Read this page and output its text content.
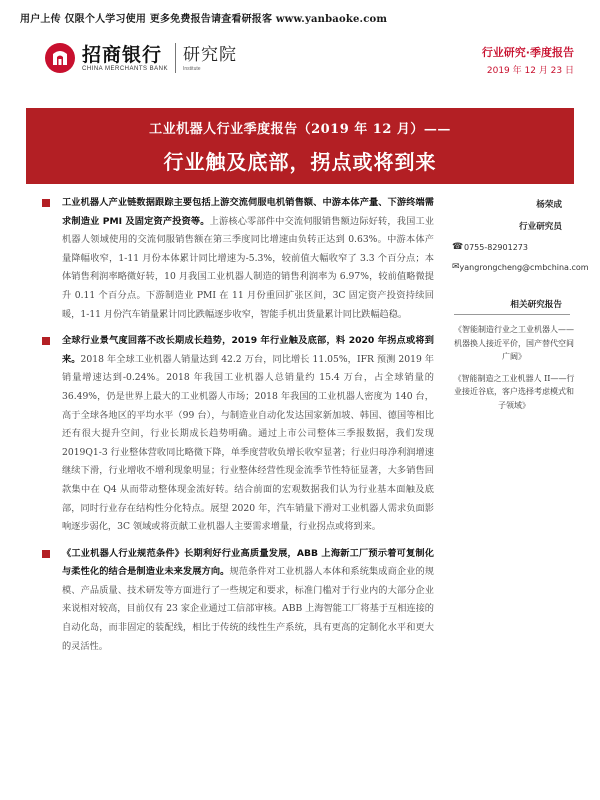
用户上传 仅限个人学习使用 更多免费报告请查看研报客 www.yanbaoke.com
招商银行
CHINA MERCHANTS BANK
研究院
Institute
行业研究·季度报告
2019 年 12 月 23 日
工业机器人行业季度报告（2019 年 12 月）——
行业触及底部，拐点或将到来
工业机器人产业链数据跟踪主要包括上游交流伺服电机销售额、中游本体产量、下游终端需求制造业 PMI 及固定资产投资等。上游核心零部件中交流伺服销售额边际好转，我国工业机器人领域使用的交流伺服销售额在第三季度同比增速由负转正达到 0.63%。中游本体产量降幅收窄，1-11 月份本体累计同比增速为-5.3%，较前值大幅收窄了 3.3 个百分点；本体销售利润率略微好转，10 月我国工业机器人制造的销售利润率为 6.97%，较前值略微提升 0.11 个百分点。下游制造业 PMI 在 11 月份重回扩张区间，3C 固定资产投资持续回暖，1-11 月份汽车销量累计同比跌幅逐步收窄，智能手机出货量累计同比跌幅趋稳。
全球行业景气度回落不改长期成长趋势，2019 年行业触及底部，料 2020 年拐点或将到来。2018 年全球工业机器人销量达到 42.2 万台，同比增长 11.05%，IFR 预测 2019 年销量增速达到-0.24%。2018 年我国工业机器人总销量约 15.4 万台，占全球销量的 36.49%，仍是世界上最大的工业机器人市场；2018 年我国的工业机器人密度为 140 台，高于全球各地区的平均水平（99 台），与制造业自动化发达国家新加坡、韩国、德国等相比还有很大提升空间，行业长期成长趋势明确。通过上市公司整体三季报数据，我们发现 2019Q1-3 行业整体营收同比略微下降，单季度营收负增长收窄显著；行业归母净利润增速继续下滑，行业增收不增利现象明显；行业整体经营性现金流季节性特征显著，大多销售回款集中在 Q4 从而带动整体现金流好转。结合前面的宏观数据我们认为行业基本面触及底部，同时行业存在结构性分化特点。展望 2020 年，汽车销量下滑对工业机器人需求负面影响逐步弱化，3C 领域或将贡献工业机器人主要需求增量，行业拐点或将到来。
《工业机器人行业规范条件》长期利好行业高质量发展，ABB 上海新工厂预示着可复制化与柔性化的结合是制造业未来发展方向。规范条件对工业机器人本体和系统集成商企业的规模、产品质量、技术研发等方面进行了一些规定和要求，标准门槛对于行业内的大部分企业来说相对较高，目前仅有 23 家企业通过工信部审核。ABB 上海智能工厂将基于互相连接的自动化岛，而非固定的装配线，相比于传统的线性生产系统，具有更高的定制化水平和更大的灵活性。
杨荣成
行业研究员
☎ 0755-82901273
✉ yangrongcheng@cmbchina.com
相关研究报告
《智能制造行业之工业机器人——机器换人接近平价，国产替代空间广阔》
《智能制造之工业机器人 II——行业接近谷底，客户选择考虑模式和子领域》
